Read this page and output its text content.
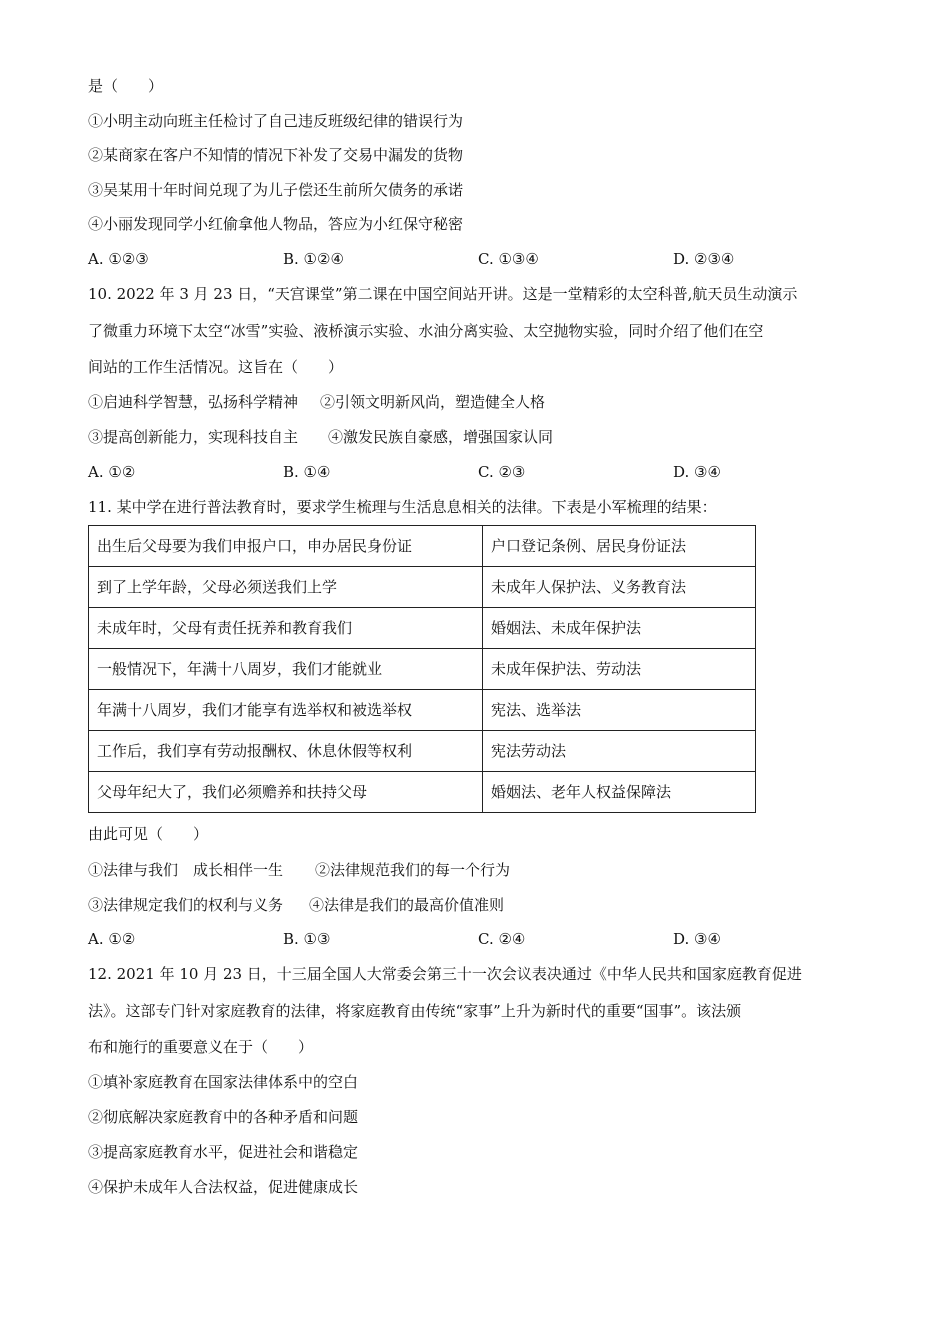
是（　　）
①小明主动向班主任检讨了自己违反班级纪律的错误行为
②某商家在客户不知情的情况下补发了交易中漏发的货物
③吴某用十年时间兑现了为儿子偿还生前所欠债务的承诺
④小丽发现同学小红偷拿他人物品，答应为小红保守秘密
A. ①②③	B. ①②④	C. ①③④	D. ②③④
10. 2022 年 3 月 23 日，“天宫课堂”第二课在中国空间站开讲。这是一堂精彩的太空科普,航天员生动演示
了微重力环境下太空“冰雪”实验、液桥演示实验、水油分离实验、太空抛物实验，同时介绍了他们在空
间站的工作生活情况。这旨在（　　）
①启迪科学智慧，弘扬科学精神 ②引领文明新风尚，塑造健全人格
③提高创新能力，实现科技自主 ④激发民族自豪感，增强国家认同
A. ①②	B. ①④	C. ②③	D. ③④
11. 某中学在进行普法教育时，要求学生梳理与生活息息相关的法律。下表是小军梳理的结果：
出生后父母要为我们申报户口，申办居民身份证	户口登记条例、居民身份证法
到了上学年龄，父母必须送我们上学	未成年人保护法、义务教育法
未成年时，父母有责任抚养和教育我们	婚姻法、未成年保护法
一般情况下，年满十八周岁，我们才能就业	未成年保护法、劳动法
年满十八周岁，我们才能享有选举权和被选举权	宪法、选举法
工作后，我们享有劳动报酬权、休息休假等权利	宪法劳动法
父母年纪大了，我们必须赡养和扶持父母	婚姻法、老年人权益保障法
由此可见（　　）
①法律与我们　成长相伴一生 ②法律规范我们的每一个行为
③法律规定我们的权利与义务 ④法律是我们的最高价值准则
A. ①②	B. ①③	C. ②④	D. ③④
12. 2021 年 10 月 23 日，十三届全国人大常委会第三十一次会议表决通过《中华人民共和国家庭教育促进
法》。这部专门针对家庭教育的法律，将家庭教育由传统“家事”上升为新时代的重要“国事”。该法颁
布和施行的重要意义在于（　　）
①填补家庭教育在国家法律体系中的空白
②彻底解决家庭教育中的各种矛盾和问题
③提高家庭教育水平，促进社会和谐稳定
④保护未成年人合法权益，促进健康成长
